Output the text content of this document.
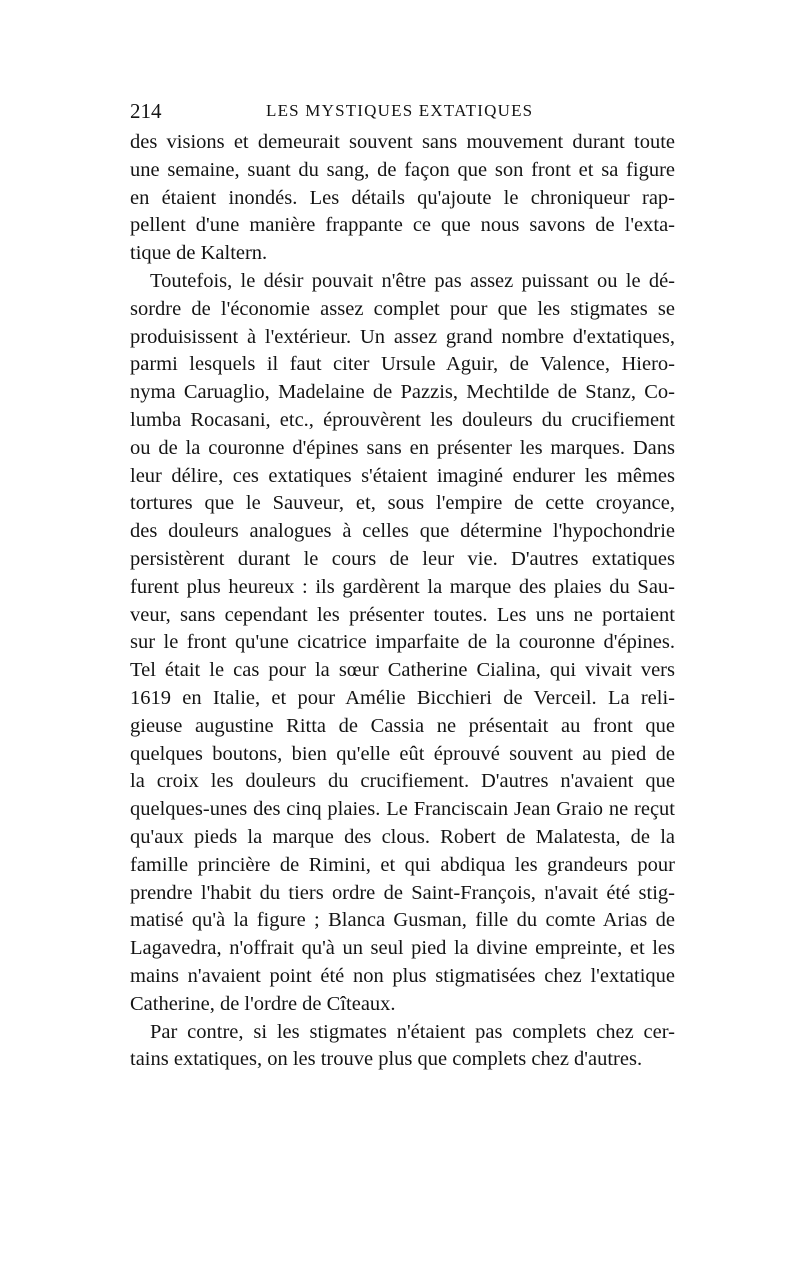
214	LES MYSTIQUES EXTATIQUES
des visions et demeurait souvent sans mouvement durant toute
une semaine, suant du sang, de façon que son front et sa figure
en étaient inondés. Les détails qu'ajoute le chroniqueur rap-
pellent d'une manière frappante ce que nous savons de l'exta-
tique de Kaltern.
Toutefois, le désir pouvait n'être pas assez puissant ou le dé-
sordre de l'économie assez complet pour que les stigmates se
produisissent à l'extérieur. Un assez grand nombre d'extatiques,
parmi lesquels il faut citer Ursule Aguir, de Valence, Hiero-
nyma Caruaglio, Madelaine de Pazzis, Mechtilde de Stanz, Co-
lumba Rocasani, etc., éprouvèrent les douleurs du crucifiement
ou de la couronne d'épines sans en présenter les marques. Dans
leur délire, ces extatiques s'étaient imaginé endurer les mêmes
tortures que le Sauveur, et, sous l'empire de cette croyance,
des douleurs analogues à celles que détermine l'hypochondrie
persistèrent durant le cours de leur vie. D'autres extatiques
furent plus heureux : ils gardèrent la marque des plaies du Sau-
veur, sans cependant les présenter toutes. Les uns ne portaient
sur le front qu'une cicatrice imparfaite de la couronne d'épines.
Tel était le cas pour la sœur Catherine Cialina, qui vivait vers
1619 en Italie, et pour Amélie Bicchieri de Verceil. La reli-
gieuse augustine Ritta de Cassia ne présentait au front que
quelques boutons, bien qu'elle eût éprouvé souvent au pied de
la croix les douleurs du crucifiement. D'autres n'avaient que
quelques-unes des cinq plaies. Le Franciscain Jean Graio ne reçut
qu'aux pieds la marque des clous. Robert de Malatesta, de la
famille princière de Rimini, et qui abdiqua les grandeurs pour
prendre l'habit du tiers ordre de Saint-François, n'avait été stig-
matisé qu'à la figure ; Blanca Gusman, fille du comte Arias de
Lagavedra, n'offrait qu'à un seul pied la divine empreinte, et les
mains n'avaient point été non plus stigmatisées chez l'extatique
Catherine, de l'ordre de Cîteaux.
Par contre, si les stigmates n'étaient pas complets chez cer-
tains extatiques, on les trouve plus que complets chez d'autres.
